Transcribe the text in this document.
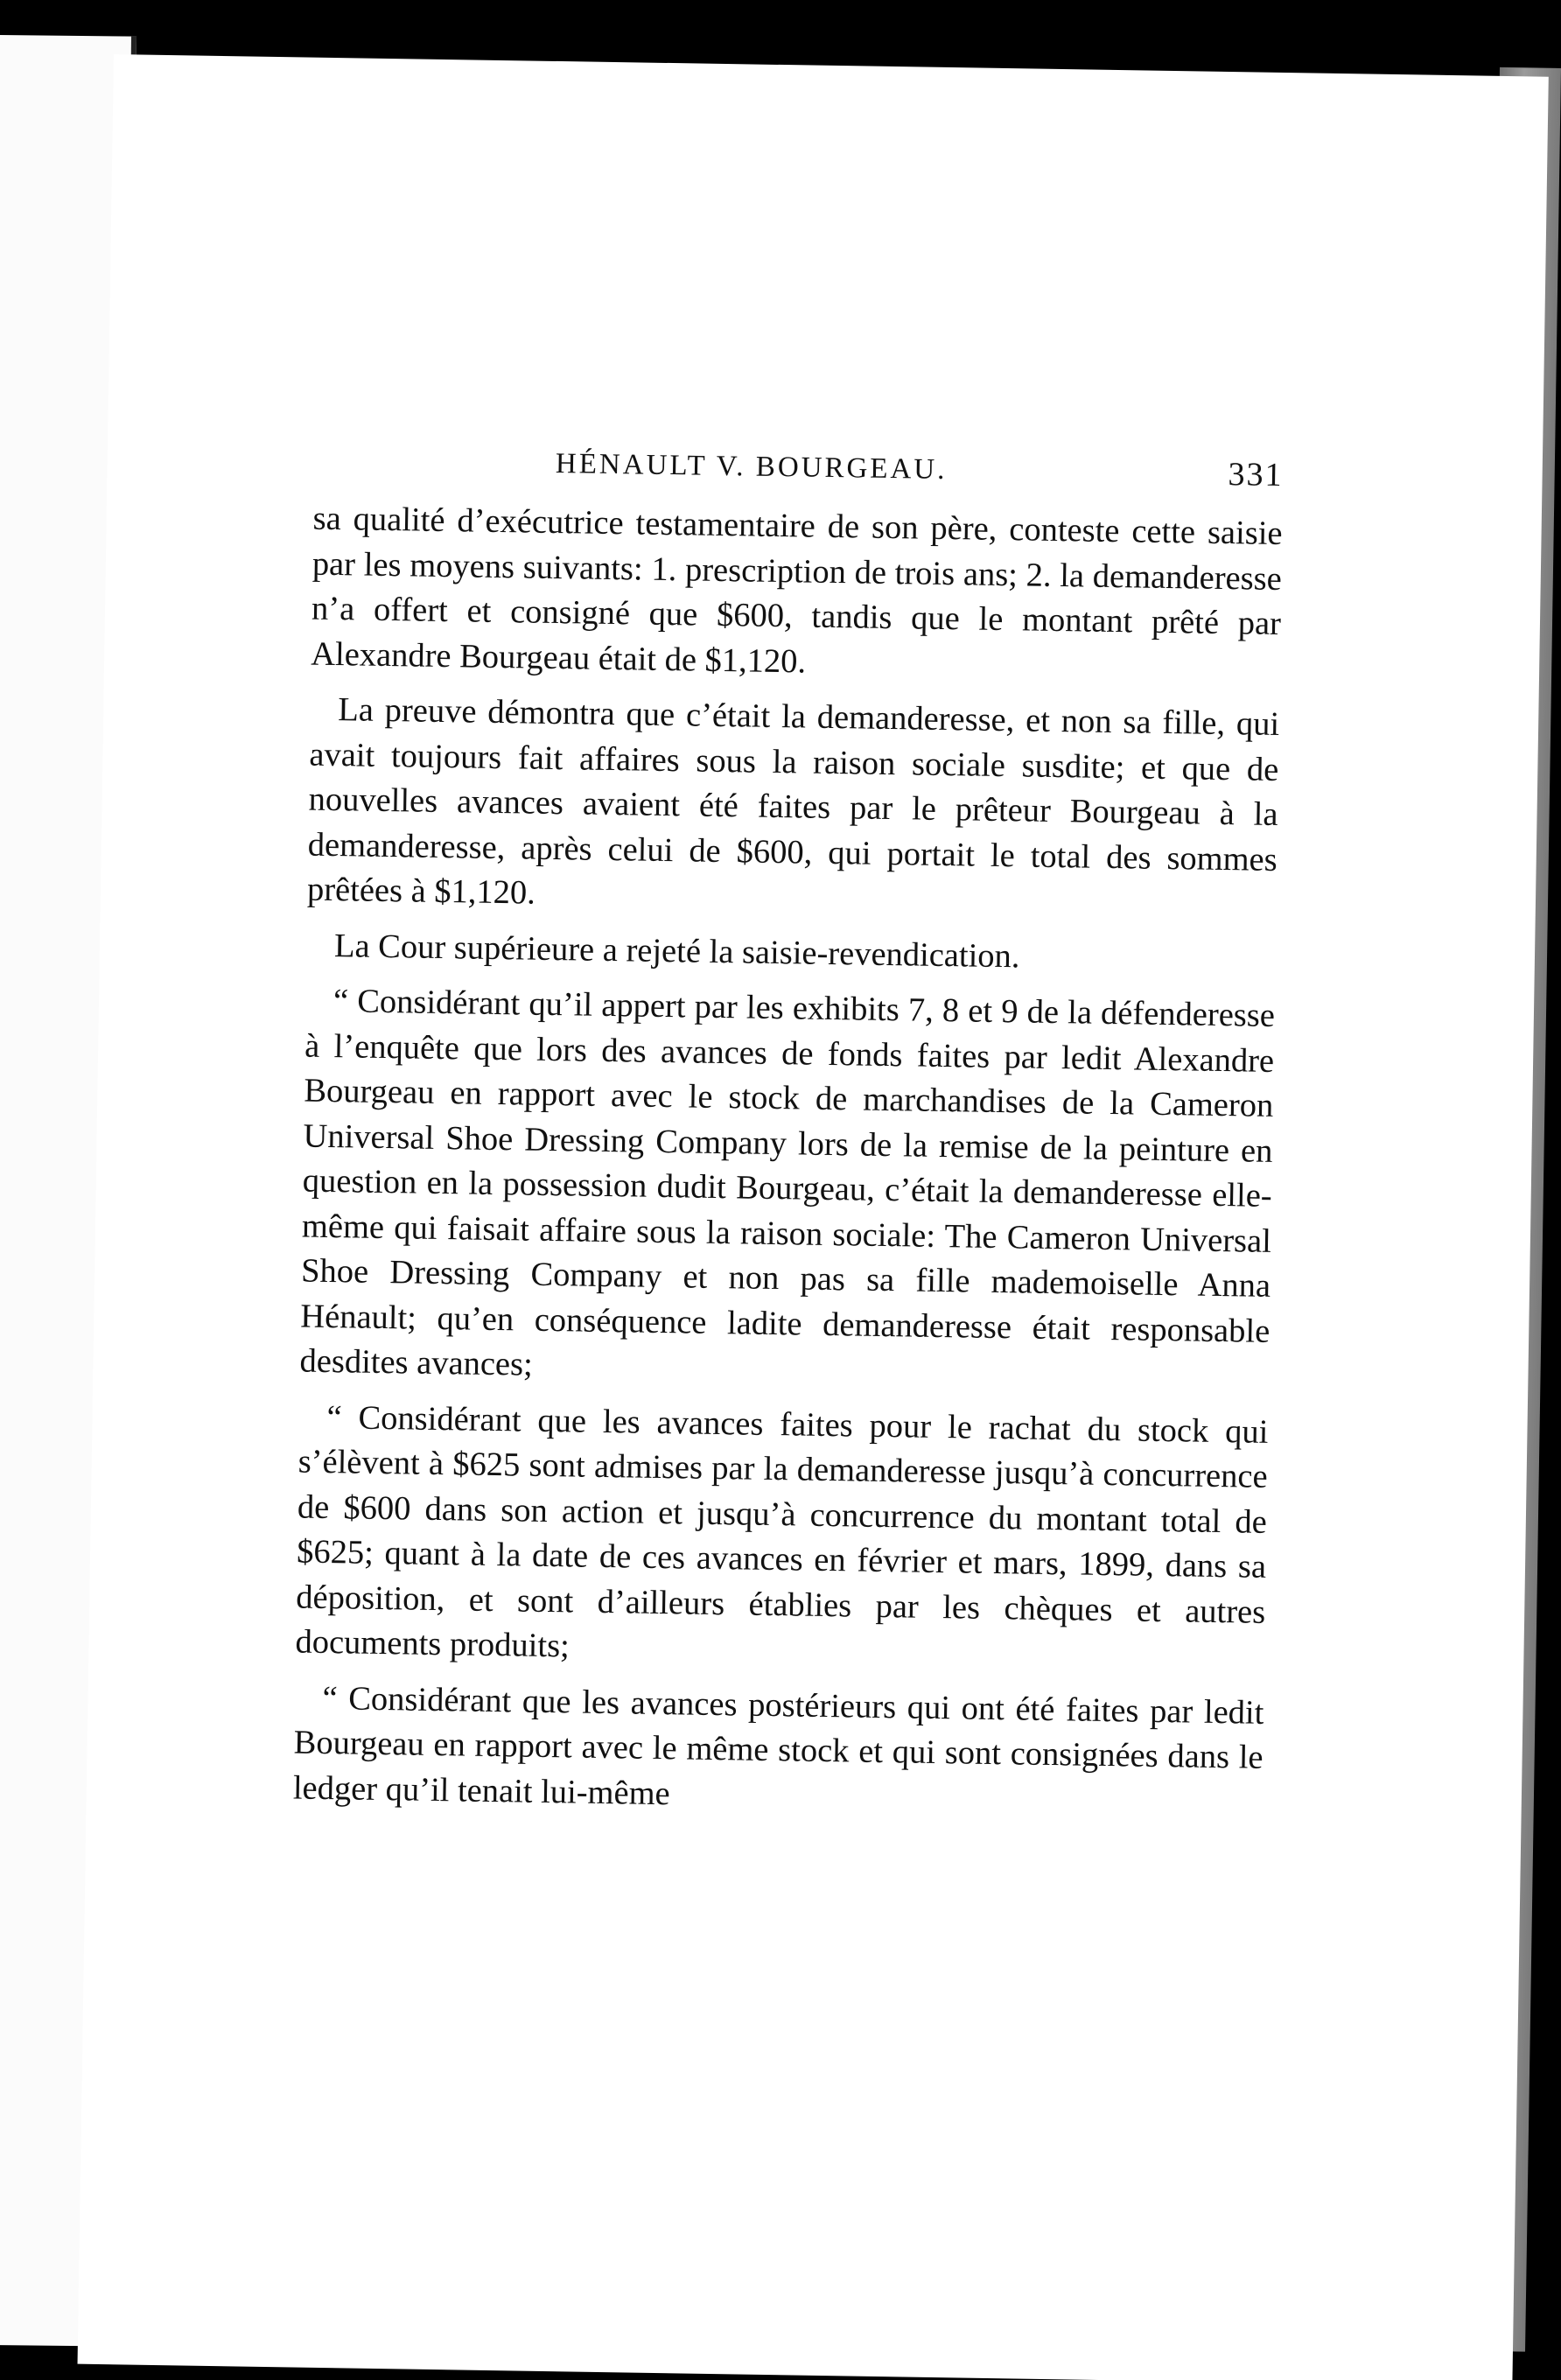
HÉNAULT V. BOURGEAU.	331

sa qualité d’exécutrice testamentaire de son père, conteste cette saisie par les moyens suivants: 1. prescription de trois ans; 2. la demanderesse n’a offert et consigné que $600, tandis que le montant prêté par Alexandre Bourgeau était de $1,120.

La preuve démontra que c’était la demanderesse, et non sa fille, qui avait toujours fait affaires sous la raison sociale susdite; et que de nouvelles avances avaient été faites par le prêteur Bourgeau à la demanderesse, après celui de $600, qui portait le total des sommes prêtées à $1,120.

La Cour supérieure a rejeté la saisie-revendication.

“ Considérant qu’il appert par les exhibits 7, 8 et 9 de la défenderesse à l’enquête que lors des avances de fonds faites par ledit Alexandre Bourgeau en rapport avec le stock de marchandises de la Cameron Universal Shoe Dressing Company lors de la remise de la peinture en question en la possession dudit Bourgeau, c’était la demanderesse elle-même qui faisait affaire sous la raison sociale: The Cameron Universal Shoe Dressing Company et non pas sa fille mademoiselle Anna Hénault; qu’en conséquence ladite demanderesse était responsable desdites avances;

“ Considérant que les avances faites pour le rachat du stock qui s’élèvent à $625 sont admises par la demanderesse jusqu’à concurrence de $600 dans son action et jusqu’à concurrence du montant total de $625; quant à la date de ces avances en février et mars, 1899, dans sa déposition, et sont d’ailleurs établies par les chèques et autres documents produits;

“ Considérant que les avances postérieurs qui ont été faites par ledit Bourgeau en rapport avec le même stock et qui sont consignées dans le ledger qu’il tenait lui-même
